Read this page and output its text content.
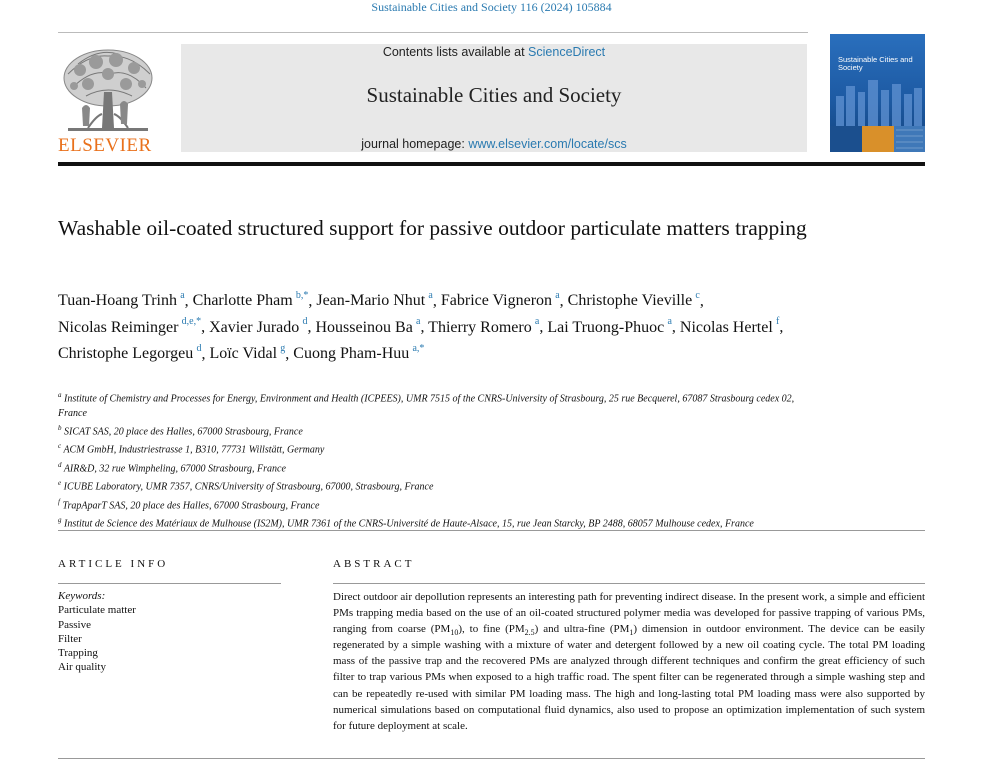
Sustainable Cities and Society 116 (2024) 105884
ELSEVIER
Contents lists available at ScienceDirect
Sustainable Cities and Society
journal homepage: www.elsevier.com/locate/scs
Sustainable Cities and Society
Washable oil-coated structured support for passive outdoor particulate matters trapping
Tuan-Hoang Trinh  $^a$, Charlotte Pham  $^{b,*}$, Jean-Mario Nhut  $^a$, Fabrice Vigneron  $^a$, Christophe Vieville  $^c$, Nicolas Reiminger  $^{d,e,*}$, Xavier Jurado  $^d$, Housseinou Ba  $^a$, Thierry Romero  $^a$, Lai Truong-Phuoc  $^a$, Nicolas Hertel  $^f$, Christophe Legorgeu  $^d$, Loïc Vidal  $^g$, Cuong Pham-Huu  $^{a,*}$
$^a$ Institute of Chemistry and Processes for Energy, Environment and Health (ICPEES), UMR 7515 of the CNRS-University of Strasbourg, 25 rue Becquerel, 67087 Strasbourg cedex 02, France
$^b$ SICAT SAS, 20 place des Halles, 67000 Strasbourg, France
$^c$ ACM GmbH, Industriestrasse 1, B310, 77731 Willstätt, Germany
$^d$ AIR&D, 32 rue Wimpheling, 67000 Strasbourg, France
$^e$ ICUBE Laboratory, UMR 7357, CNRS/University of Strasbourg, 67000, Strasbourg, France
$^f$ TrapAparT SAS, 20 place des Halles, 67000 Strasbourg, France
$^g$ Institut de Science des Matériaux de Mulhouse (IS2M), UMR 7361 of the CNRS-Université de Haute-Alsace, 15, rue Jean Starcky, BP 2488, 68057 Mulhouse cedex, France
ARTICLE INFO
Keywords:
Particulate matter
Passive
Filter
Trapping
Air quality
ABSTRACT
Direct outdoor air depollution represents an interesting path for preventing indirect disease. In the present work, a simple and efficient PMs trapping media based on the use of an oil-coated structured polymer media was developed for passive trapping of various PMs, ranging from coarse $(PM_{10})$, to fine $(PM_{2.5})$ and ultra-fine $(PM_1)$ dimension in outdoor environment. The device can be easily regenerated by a simple washing with a mixture of water and detergent followed by a new oil coating cycle. The total PM loading mass of the passive trap and the recovered PMs are analyzed through different techniques and confirm the great efficiency of such filter to trap various PMs when exposed to a high traffic road. The spent filter can be regenerated through a simple washing step and can be repeatedly re-used with similar PM loading mass. The high and long-lasting total PM loading mass were also supported by numerical simulations based on computational fluid dynamics, also used to propose an optimization implementation of such system for future deployment at scale.
